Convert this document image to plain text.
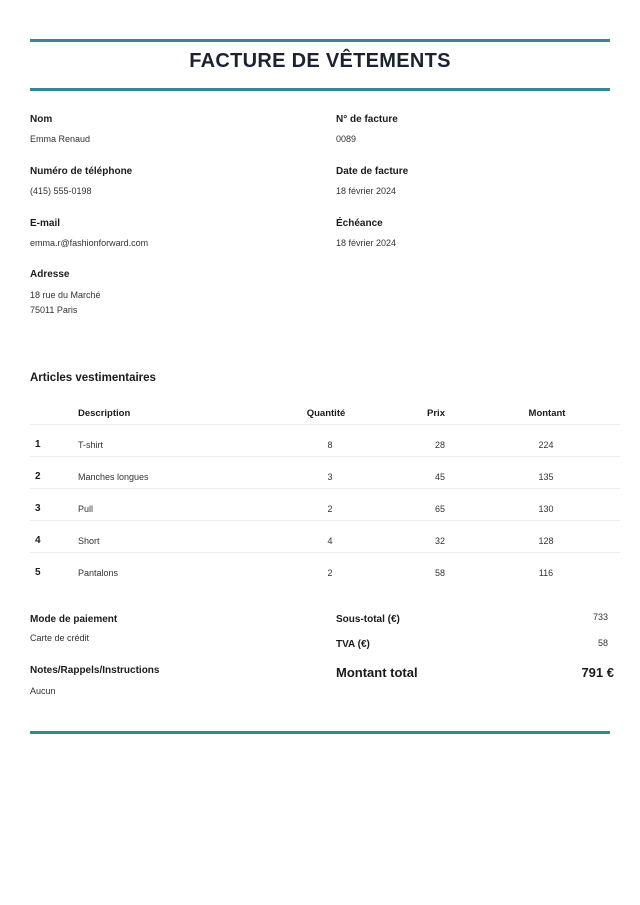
FACTURE DE VÊTEMENTS
Nom
Emma Renaud
Numéro de téléphone
(415) 555-0198
E-mail
emma.r@fashionforward.com
Adresse
18 rue du Marché
75011 Paris
N° de facture
0089
Date de facture
18 février 2024
Échéance
18 février 2024
Articles vestimentaires
Description	Quantité	Prix	Montant
1	T-shirt	8	28	224
2	Manches longues	3	45	135
3	Pull	2	65	130
4	Short	4	32	128
5	Pantalons	2	58	116
Mode de paiement
Carte de crédit
Notes/Rappels/Instructions
Aucun
Sous-total (€)	733
TVA (€)	58
Montant total	791 €
